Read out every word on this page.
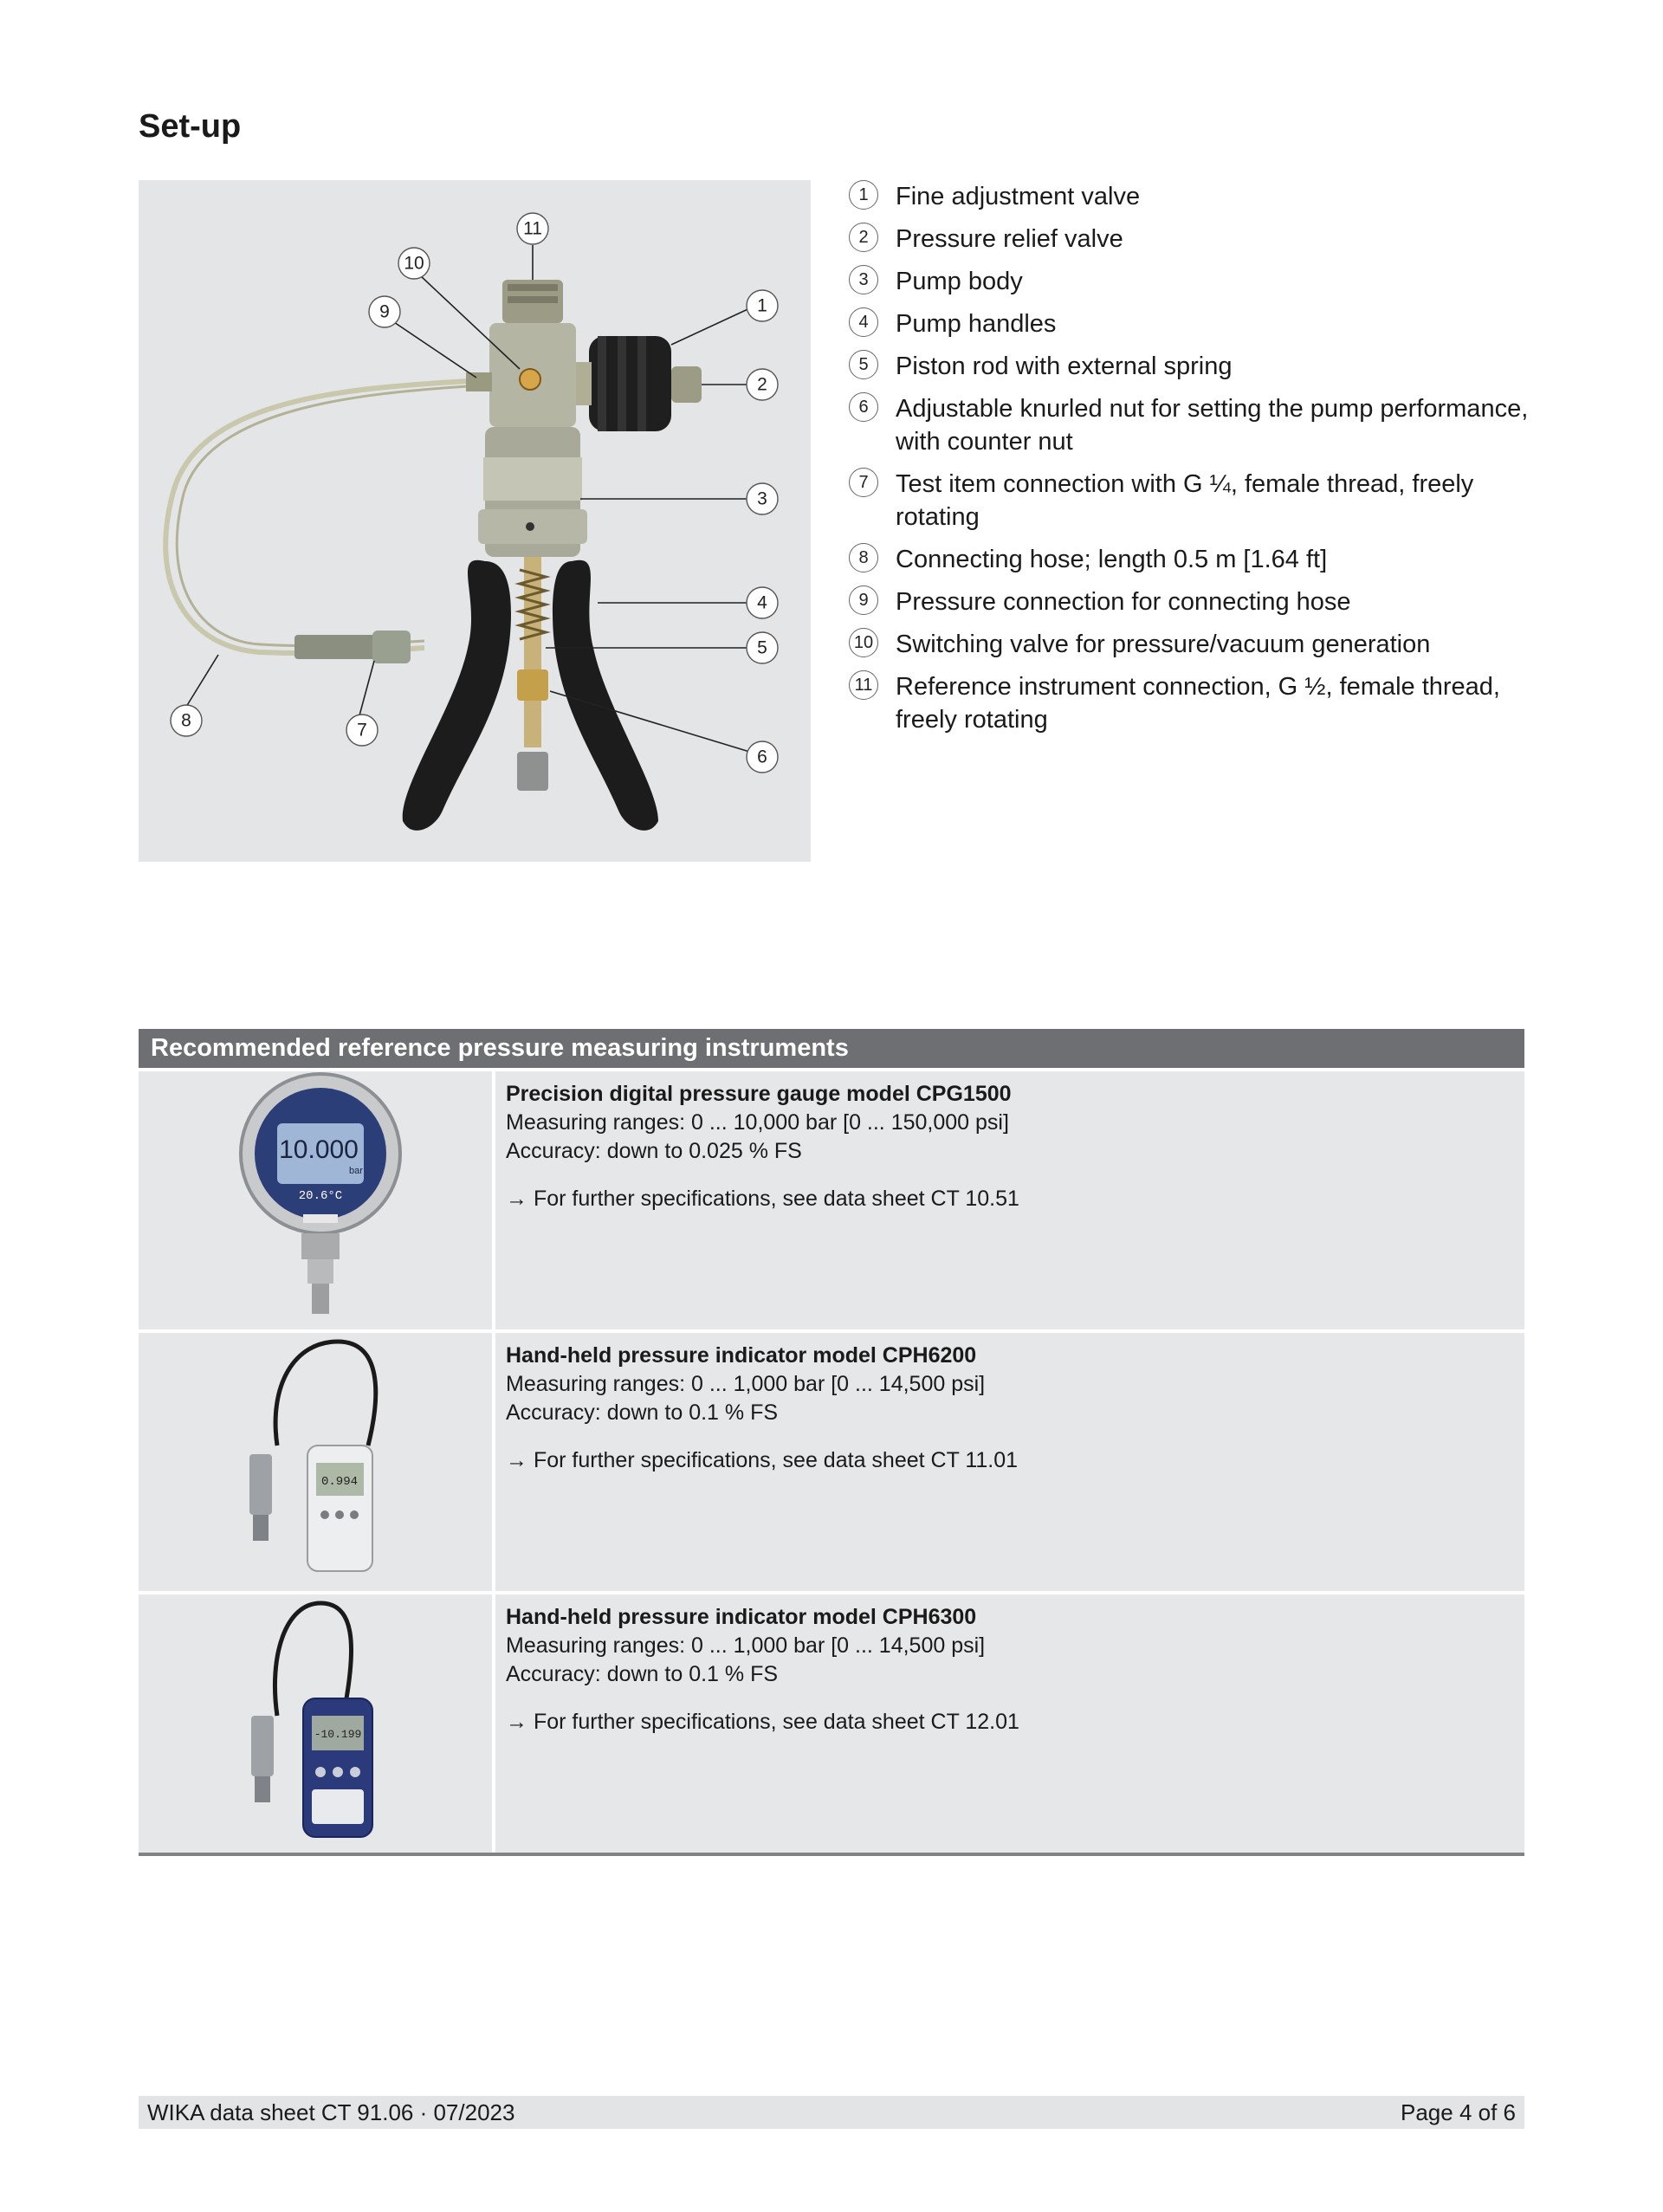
Set-up
11
10
9	1
2
3
4
5
6
7
8
1	Fine adjustment valve
2	Pressure relief valve
3	Pump body
4	Pump handles
5	Piston rod with external spring
6	Adjustable knurled nut for setting the pump performance, with counter nut
7	Test item connection with G ¼, female thread, freely rotating
8	Connecting hose; length 0.5 m [1.64 ft]
9	Pressure connection for connecting hose
10 Switching valve for pressure/vacuum generation
11 Reference instrument connection, G ½, female thread, freely rotating
Recommended reference pressure measuring instruments
10.000
bar
20.6°C
Precision digital pressure gauge model CPG1500
Measuring ranges: 0 ... 10,000 bar [0 ... 150,000 psi]
Accuracy: down to 0.025 % FS
→ For further specifications, see data sheet CT 10.51
0.994
Hand-held pressure indicator model CPH6200
Measuring ranges: 0 ... 1,000 bar [0 ... 14,500 psi]
Accuracy: down to 0.1 % FS
→ For further specifications, see data sheet CT 11.01
-10.199
Hand-held pressure indicator model CPH6300
Measuring ranges: 0 ... 1,000 bar [0 ... 14,500 psi]
Accuracy: down to 0.1 % FS
→ For further specifications, see data sheet CT 12.01
WIKA data sheet CT 91.06 · 07/2023	Page 4 of 6
